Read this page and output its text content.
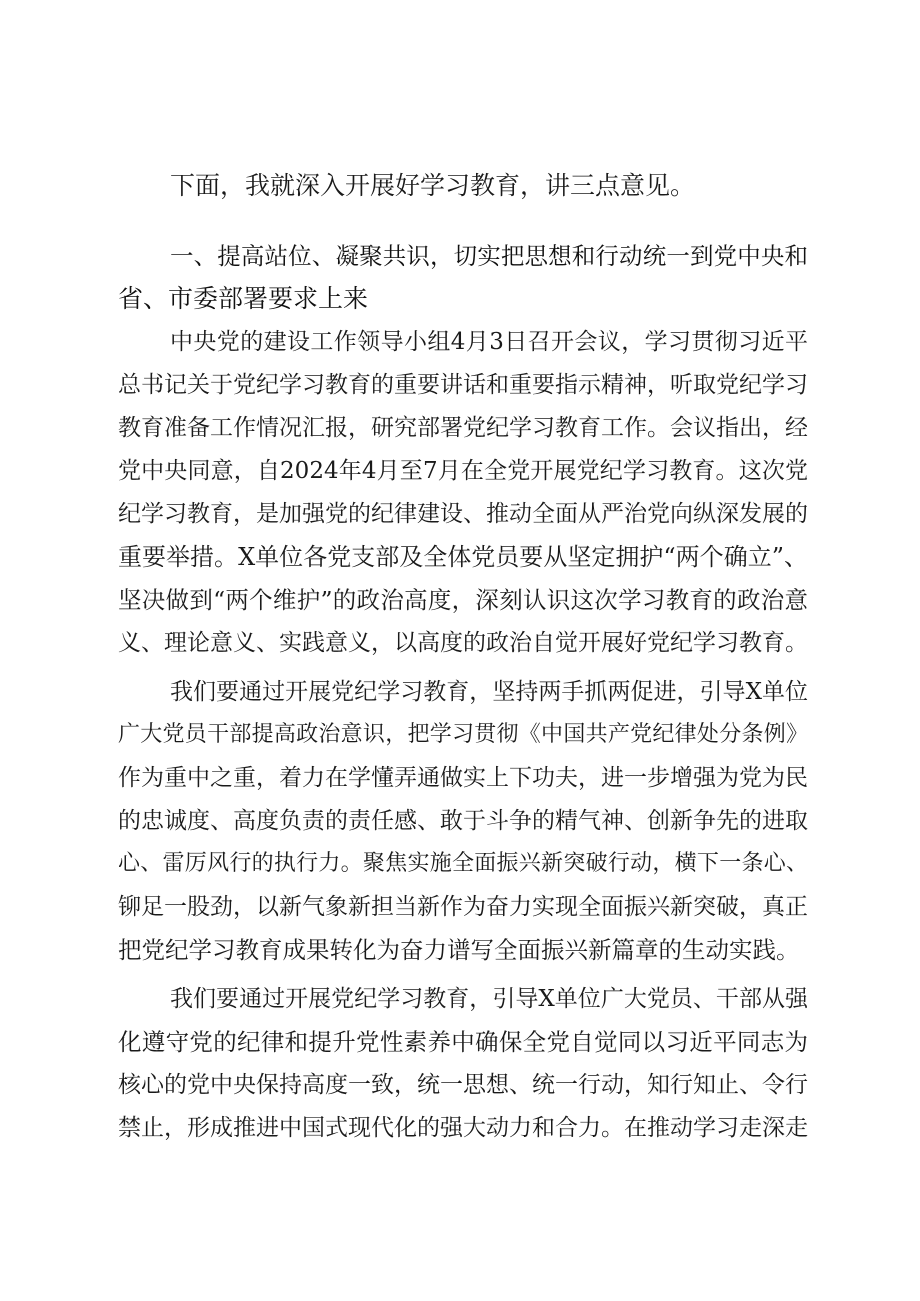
下面，我就深入开展好学习教育，讲三点意见。
一、提高站位、凝聚共识，切实把思想和行动统一到党中央和
省、市委部署要求上来
中央党的建设工作领导小组4月3日召开会议，学习贯彻习近平
总书记关于党纪学习教育的重要讲话和重要指示精神，听取党纪学习
教育准备工作情况汇报，研究部署党纪学习教育工作。会议指出，经
党中央同意，自2024年4月至7月在全党开展党纪学习教育。这次党
纪学习教育，是加强党的纪律建设、推动全面从严治党向纵深发展的
重要举措。X单位各党支部及全体党员要从坚定拥护“两个确立”、
坚决做到“两个维护”的政治高度，深刻认识这次学习教育的政治意
义、理论意义、实践意义，以高度的政治自觉开展好党纪学习教育。
我们要通过开展党纪学习教育，坚持两手抓两促进，引导X单位
广大党员干部提高政治意识，把学习贯彻《中国共产党纪律处分条例》
作为重中之重，着力在学懂弄通做实上下功夫，进一步增强为党为民
的忠诚度、高度负责的责任感、敢于斗争的精气神、创新争先的进取
心、雷厉风行的执行力。聚焦实施全面振兴新突破行动，横下一条心、
铆足一股劲，以新气象新担当新作为奋力实现全面振兴新突破，真正
把党纪学习教育成果转化为奋力谱写全面振兴新篇章的生动实践。
我们要通过开展党纪学习教育，引导X单位广大党员、干部从强
化遵守党的纪律和提升党性素养中确保全党自觉同以习近平同志为
核心的党中央保持高度一致，统一思想、统一行动，知行知止、令行
禁止，形成推进中国式现代化的强大动力和合力。在推动学习走深走
